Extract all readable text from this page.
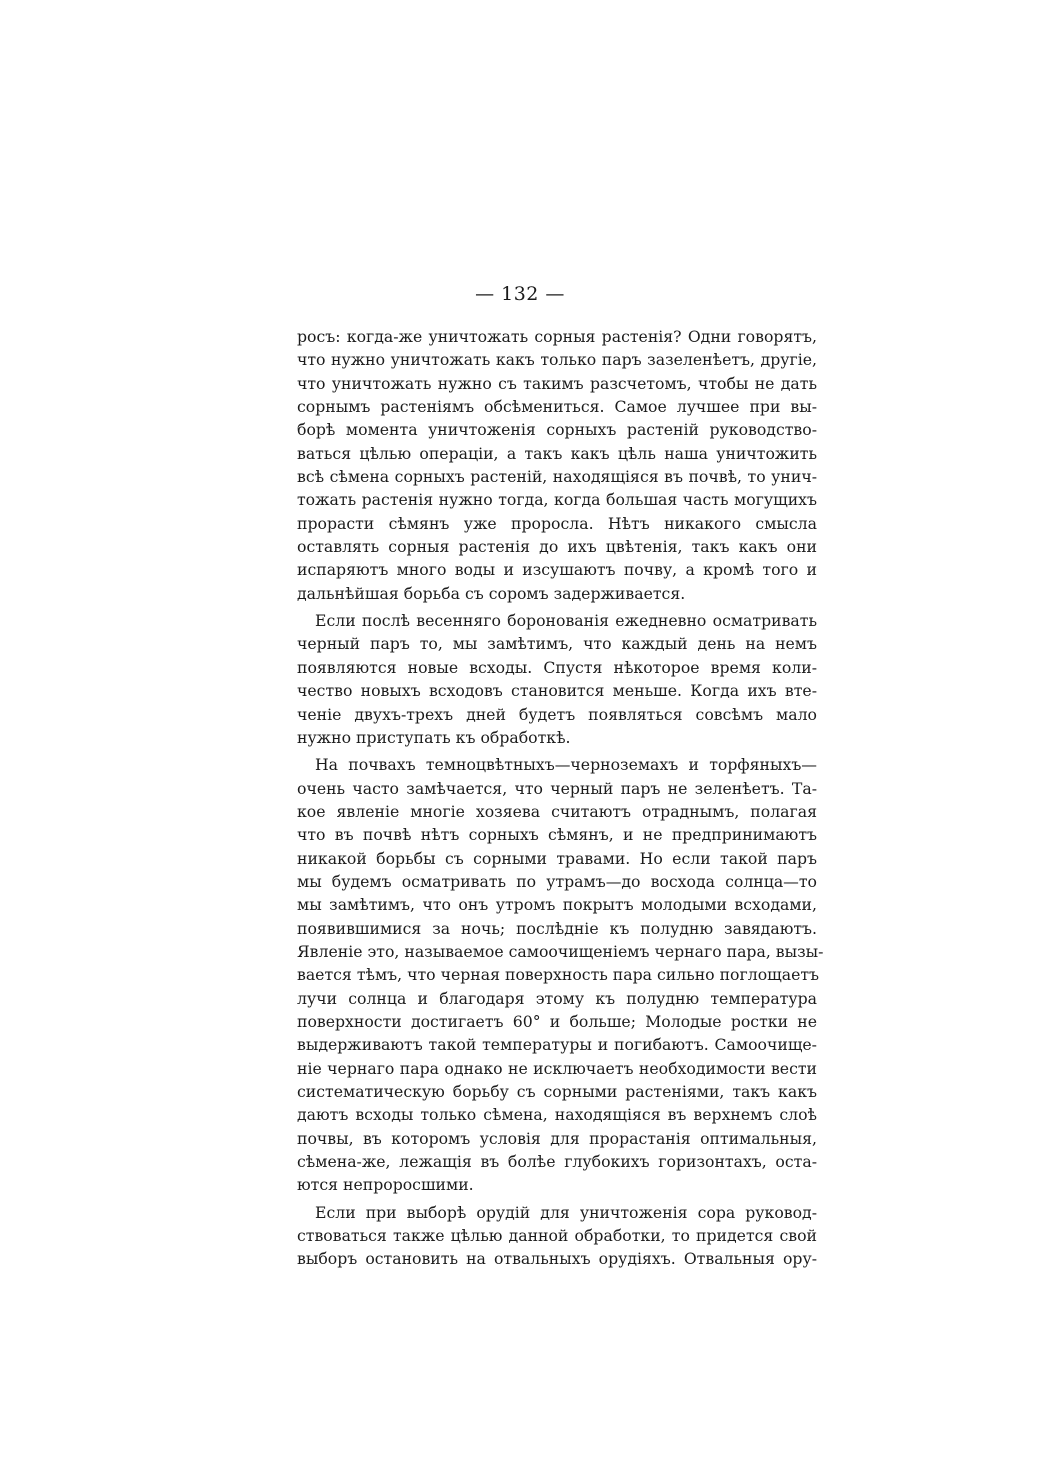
— 132 —
росъ: когда-же уничтожать сорныя растенія? Одни говорятъ,
что нужно уничтожать какъ только паръ зазеленѣетъ, другіе,
что уничтожать нужно съ такимъ разсчетомъ, чтобы не дать
сорнымъ растеніямъ обсѣмениться. Самое лучшее при вы-
борѣ момента уничтоженія сорныхъ растеній руководство-
ваться цѣлью операціи, а такъ какъ цѣль наша уничтожить
всѣ сѣмена сорныхъ растеній, находящіяся въ почвѣ, то унич-
тожать растенія нужно тогда, когда большая часть могущихъ
прорасти сѣмянъ уже проросла. Нѣтъ никакого смысла
оставлять сорныя растенія до ихъ цвѣтенія, такъ какъ они
испаряютъ много воды и изсушаютъ почву, а кромѣ того и
дальнѣйшая борьба съ соромъ задерживается.
Если послѣ весенняго боронованія ежедневно осматривать
черный паръ то, мы замѣтимъ, что каждый день на немъ
появляются новые всходы. Спустя нѣкоторое время коли-
чество новыхъ всходовъ становится меньше. Когда ихъ вте-
ченіе двухъ-трехъ дней будетъ появляться совсѣмъ мало
нужно приступать къ обработкѣ.
На почвахъ темноцвѣтныхъ—черноземахъ и торфяныхъ—
очень часто замѣчается, что черный паръ не зеленѣетъ. Та-
кое явленіе многіе хозяева считаютъ отраднымъ, полагая
что въ почвѣ нѣтъ сорныхъ сѣмянъ, и не предпринимаютъ
никакой борьбы съ сорными травами. Но если такой паръ
мы будемъ осматривать по утрамъ—до восхода солнца—то
мы замѣтимъ, что онъ утромъ покрытъ молодыми всходами,
появившимися за ночь; послѣдніе къ полудню завядаютъ.
Явленіе это, называемое самоочищеніемъ чернаго пара, вызы-
вается тѣмъ, что черная поверхность пара сильно поглощаетъ
лучи солнца и благодаря этому къ полудню температура
поверхности достигаетъ 60° и больше; Молодые ростки не
выдерживаютъ такой температуры и погибаютъ. Самоочище-
ніе чернаго пара однако не исключаетъ необходимости вести
систематическую борьбу съ сорными растеніями, такъ какъ
даютъ всходы только сѣмена, находящіяся въ верхнемъ слоѣ
почвы, въ которомъ условія для прорастанія оптимальныя,
сѣмена-же, лежащія въ болѣе глубокихъ горизонтахъ, оста-
ются непроросшими.
Если при выборѣ орудій для уничтоженія сора руковод-
ствоваться также цѣлью данной обработки, то придется свой
выборъ остановить на отвальныхъ орудіяхъ. Отвальныя ору-
